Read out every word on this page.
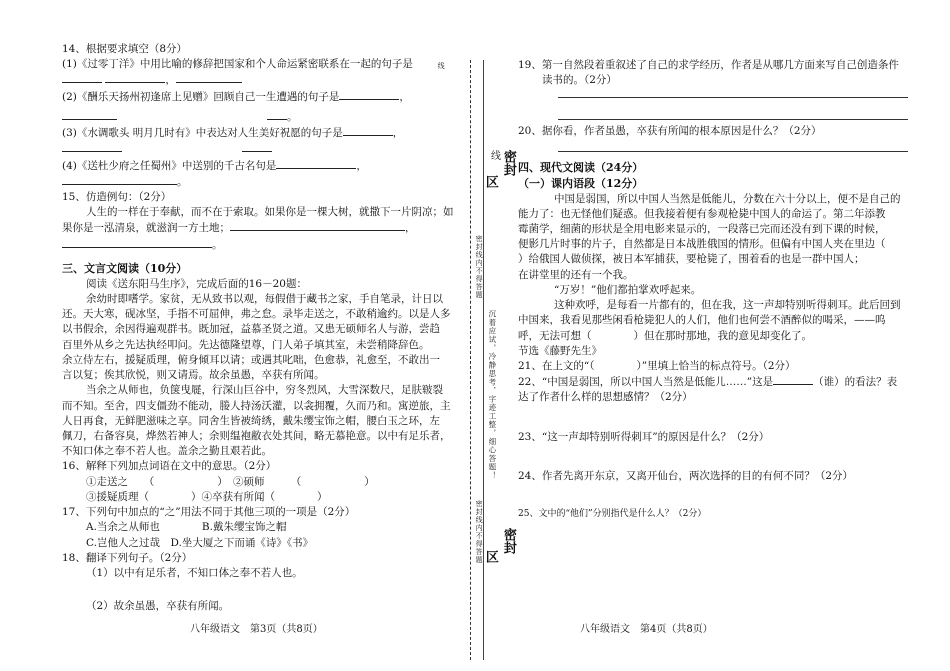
14、根据要求填空（8分）

(1)《过零丁洋》中用比喻的修辞把国家和个人命运紧密联系在一起的句子是

，

(2)《酬乐天扬州初逢席上见赠》回顾自己一生遭遇的句子是	，

。

(3)《水调歌头 明月几时有》中表达对人生美好祝愿的句子是	，

(4)《送杜少府之任蜀州》中送别的千古名句是	，

。

15、仿造例句：（2分）

人生的一样在于奉献，而不在于索取。如果你是一棵大树，就撒下一片阴凉；如

果你是一泓清泉，就滋润一方土地；	，

。

三、文言文阅读（10分）

阅读《送东阳马生序》，完成后面的16－20题：

余幼时即嗜学。家贫，无从致书以观，每假借于藏书之家，手自笔录，计日以

还。天大寒，砚冰坚，手指不可屈伸，弗之怠。录毕走送之，不敢稍逾约。以是人多

以书假余，余因得遍观群书。既加冠，益慕圣贤之道。又患无硕师名人与游，尝趋

百里外从乡之先达执经叩问。先达德隆望尊，门人弟子填其室，未尝稍降辞色。

余立侍左右，援疑质理，俯身倾耳以请；或遇其叱咄，色愈恭，礼愈至，不敢出一

言以复；俟其欣悦，则又请焉。故余虽愚，卒获有所闻。

当余之从师也，负箧曳屣，行深山巨谷中，穷冬烈风，大雪深数尺，足肤皲裂

而不知。至舍，四支僵劲不能动，媵人持汤沃灌，以衾拥覆，久而乃和。寓逆旅，主

人日再食，无鲜肥滋味之享。同舍生皆被绮绣，戴朱缨宝饰之帽，腰白玉之环，左

佩刀，右备容臭，烨然若神人；余则缊袍敝衣处其间，略无慕艳意。以中有足乐者，

不知口体之奉不若人也。盖余之勤且艰若此。

16、解释下列加点词语在文中的意思。（2分）

①走送之　　（　　　　　　）　②硕师　　　（　　　　　　）

③援疑质理（　　　　）④卒获有所闻（　　　　）

17、下列句中加点的“之”用法不同于其他三项的一项是（2分）

A.当余之从师也　　　　	B.戴朱缨宝饰之帽

C.岂他人之过哉　 D.坐大厦之下而诵《诗》《书》

18、翻译下列句子。（2分）

（1）以中有足乐者，不知口体之奉不若人也。

（2）故余虽愚，卒获有所闻。

八年级语文　第3页（共8页）
线
线 密封
区
密封线内不得答题
沉着应试，冷静思考，字迹工整，细心答题！
密封线内不得答题 密封
区

19、第一自然段着重叙述了自己的求学经历，作者是从哪几方面来写自己创造条件

读书的。（2分）

20、据你看，作者虽愚，卒获有所闻的根本原因是什么？（2分）

四、现代文阅读（24分）

（一）课内语段（12分）

中国是弱国，所以中国人当然是低能儿，分数在六十分以上，便不是自己的

能力了：也无怪他们疑惑。但我接着便有参观枪毙中国人的命运了。第二年添教

霉菌学，细菌的形状是全用电影来显示的，一段落已完而还没有到下课的时候，

便影几片时事的片子，自然都是日本战胜俄国的情形。但偏有中国人夹在里边（

）给俄国人做侦探，被日本军捕获，要枪毙了，围着看的也是一群中国人；

在讲堂里的还有一个我。

“万岁！”他们都拍掌欢呼起来。

这种欢呼，是每看一片都有的，但在我，这一声却特别听得刺耳。此后回到

中国来，我看见那些闲看枪毙犯人的人们，他们也何尝不酒醉似的喝采，——呜

呼，无法可想（　　　　	）但在那时那地，我的意见却变化了。

节选《藤野先生》

21、在上文的“（　　　　	）”里填上恰当的标点符号。（2分）

22、“中国是弱国，所以中国人当然是低能儿……”这是	（谁）的看法？表

达了作者什么样的思想感情？（2分）

23、“这一声却特别听得刺耳”的原因是什么？（2分）

24、作者先离开东京，又离开仙台，两次选择的目的有何不同？（2分）

25、文中的“他们”分别指代是什么人？（2分）

八年级语文　第4页（共8页）
